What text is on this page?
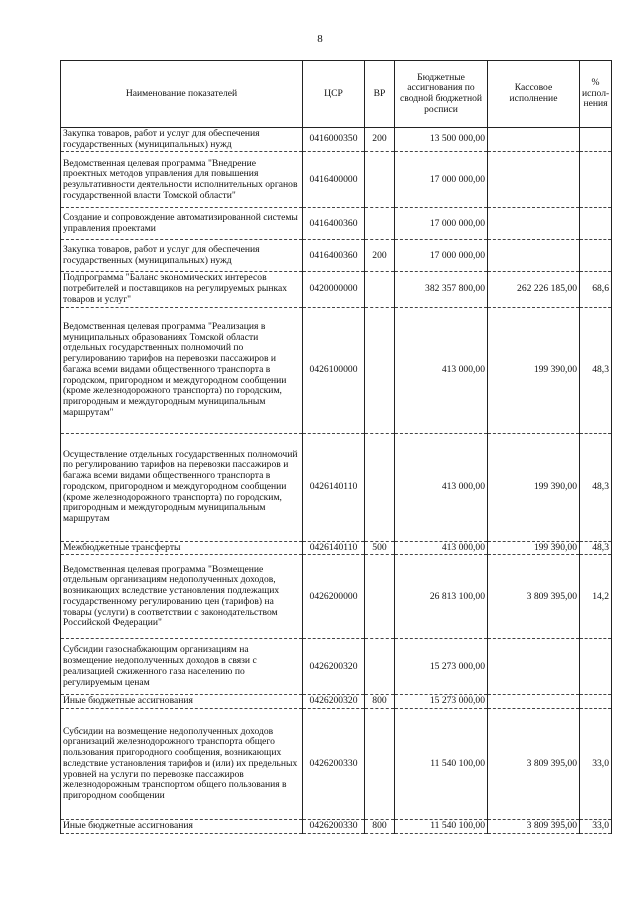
8
Наименование показателей	ЦСР	ВР	Бюджетные ассигнования по сводной бюджетной росписи	Кассовое исполнение	% испол-нения
Закупка товаров, работ и услуг для обеспечения государственных (муниципальных) нужд	0416000350	200	13 500 000,00		
Ведомственная целевая программа "Внедрение проектных методов управления для повышения результативности деятельности исполнительных органов государственной власти Томской области"	0416400000		17 000 000,00		
Создание и сопровождение автоматизированной системы управления проектами	0416400360		17 000 000,00		
Закупка товаров, работ и услуг для обеспечения государственных (муниципальных) нужд	0416400360	200	17 000 000,00		
Подпрограмма "Баланс экономических интересов потребителей и поставщиков на регулируемых рынках товаров и услуг"	0420000000		382 357 800,00	262 226 185,00	68,6
Ведомственная целевая программа "Реализация в муниципальных образованиях Томской области отдельных государственных полномочий по регулированию тарифов на перевозки пассажиров и багажа всеми видами общественного транспорта в городском, пригородном и междугородном сообщении (кроме железнодорожного транспорта) по городским, пригородным и междугородным муниципальным маршрутам"	0426100000		413 000,00	199 390,00	48,3
Осуществление отдельных государственных полномочий по регулированию тарифов на перевозки пассажиров и багажа всеми видами общественного транспорта в городском, пригородном и междугородном сообщении (кроме железнодорожного транспорта) по городским, пригородным и междугородным муниципальным маршрутам	0426140110		413 000,00	199 390,00	48,3
Межбюджетные трансферты	0426140110	500	413 000,00	199 390,00	48,3
Ведомственная целевая программа "Возмещение отдельным организациям недополученных доходов, возникающих вследствие установления подлежащих государственному регулированию цен (тарифов) на товары (услуги) в соответствии с законодательством Российской Федерации"	0426200000		26 813 100,00	3 809 395,00	14,2
Субсидии газоснабжающим организациям на возмещение недополученных доходов в связи с реализацией сжиженного газа населению по регулируемым ценам	0426200320		15 273 000,00		
Иные бюджетные ассигнования	0426200320	800	15 273 000,00		
Субсидии на возмещение недополученных доходов организаций железнодорожного транспорта общего пользования пригородного сообщения, возникающих вследствие установления тарифов и (или) их предельных уровней на услуги по перевозке пассажиров железнодорожным транспортом общего пользования в пригородном сообщении	0426200330		11 540 100,00	3 809 395,00	33,0
Иные бюджетные ассигнования	0426200330	800	11 540 100,00	3 809 395,00	33,0
